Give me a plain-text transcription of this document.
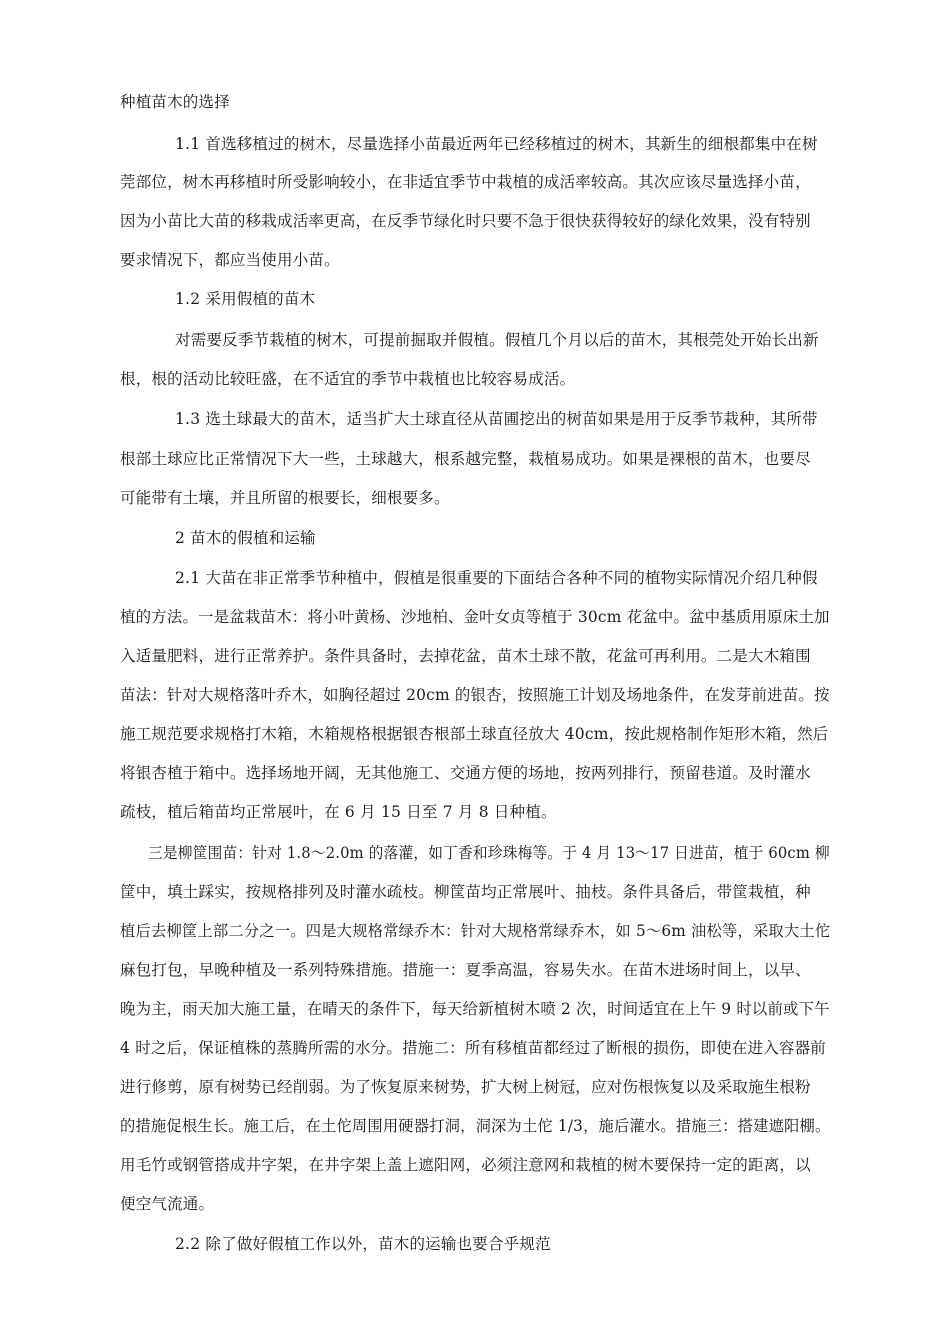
种植苗木的选择
1.1 首选移植过的树木，尽量选择小苗最近两年已经移植过的树木，其新生的细根都集中在树
莞部位，树木再移植时所受影响较小，在非适宜季节中栽植的成活率较高。其次应该尽量选择小苗，
因为小苗比大苗的移栽成活率更高，在反季节绿化时只要不急于很快获得较好的绿化效果，没有特别
要求情况下，都应当使用小苗。
1.2 采用假植的苗木
对需要反季节栽植的树木，可提前掘取并假植。假植几个月以后的苗木，其根莞处开始长出新
根，根的活动比较旺盛，在不适宜的季节中栽植也比较容易成活。
1.3 选土球最大的苗木，适当扩大土球直径从苗圃挖出的树苗如果是用于反季节栽种，其所带
根部土球应比正常情况下大一些，土球越大，根系越完整，栽植易成功。如果是裸根的苗木，也要尽
可能带有土壤，并且所留的根要长，细根要多。
2 苗木的假植和运输
2.1 大苗在非正常季节种植中，假植是很重要的下面结合各种不同的植物实际情况介绍几种假
植的方法。一是盆栽苗木：将小叶黄杨、沙地柏、金叶女贞等植于 30cm 花盆中。盆中基质用原床土加
入适量肥料，进行正常养护。条件具备时，去掉花盆，苗木土球不散，花盆可再利用。二是大木箱围
苗法：针对大规格落叶乔木，如胸径超过 20cm 的银杏，按照施工计划及场地条件，在发芽前进苗。按
施工规范要求规格打木箱，木箱规格根据银杏根部土球直径放大 40cm，按此规格制作矩形木箱，然后
将银杏植于箱中。选择场地开阔，无其他施工、交通方便的场地，按两列排行，预留巷道。及时灌水
疏枝，植后箱苗均正常展叶，在 6 月 15 日至 7 月 8 日种植。
三是柳筐围苗：针对 1.8～2.0m 的落灌，如丁香和珍珠梅等。于 4 月 13～17 日进苗，植于 60cm 柳
筐中，填土踩实，按规格排列及时灌水疏枝。柳筐苗均正常展叶、抽枝。条件具备后，带筐栽植，种
植后去柳筐上部二分之一。四是大规格常绿乔木：针对大规格常绿乔木，如 5～6m 油松等，采取大土佗
麻包打包，早晚种植及一系列特殊措施。措施一：夏季高温，容易失水。在苗木进场时间上，以早、
晚为主，雨天加大施工量，在晴天的条件下，每天给新植树木喷 2 次，时间适宜在上午 9 时以前或下午
4 时之后，保证植株的蒸腾所需的水分。措施二：所有移植苗都经过了断根的损伤，即使在进入容器前
进行修剪，原有树势已经削弱。为了恢复原来树势，扩大树上树冠，应对伤根恢复以及采取施生根粉
的措施促根生长。施工后，在土佗周围用硬器打洞，洞深为土佗 1/3，施后灌水。措施三：搭建遮阳棚。
用毛竹或钢管搭成井字架，在井字架上盖上遮阳网，必须注意网和栽植的树木要保持一定的距离，以
便空气流通。
2.2 除了做好假植工作以外，苗木的运输也要合乎规范
